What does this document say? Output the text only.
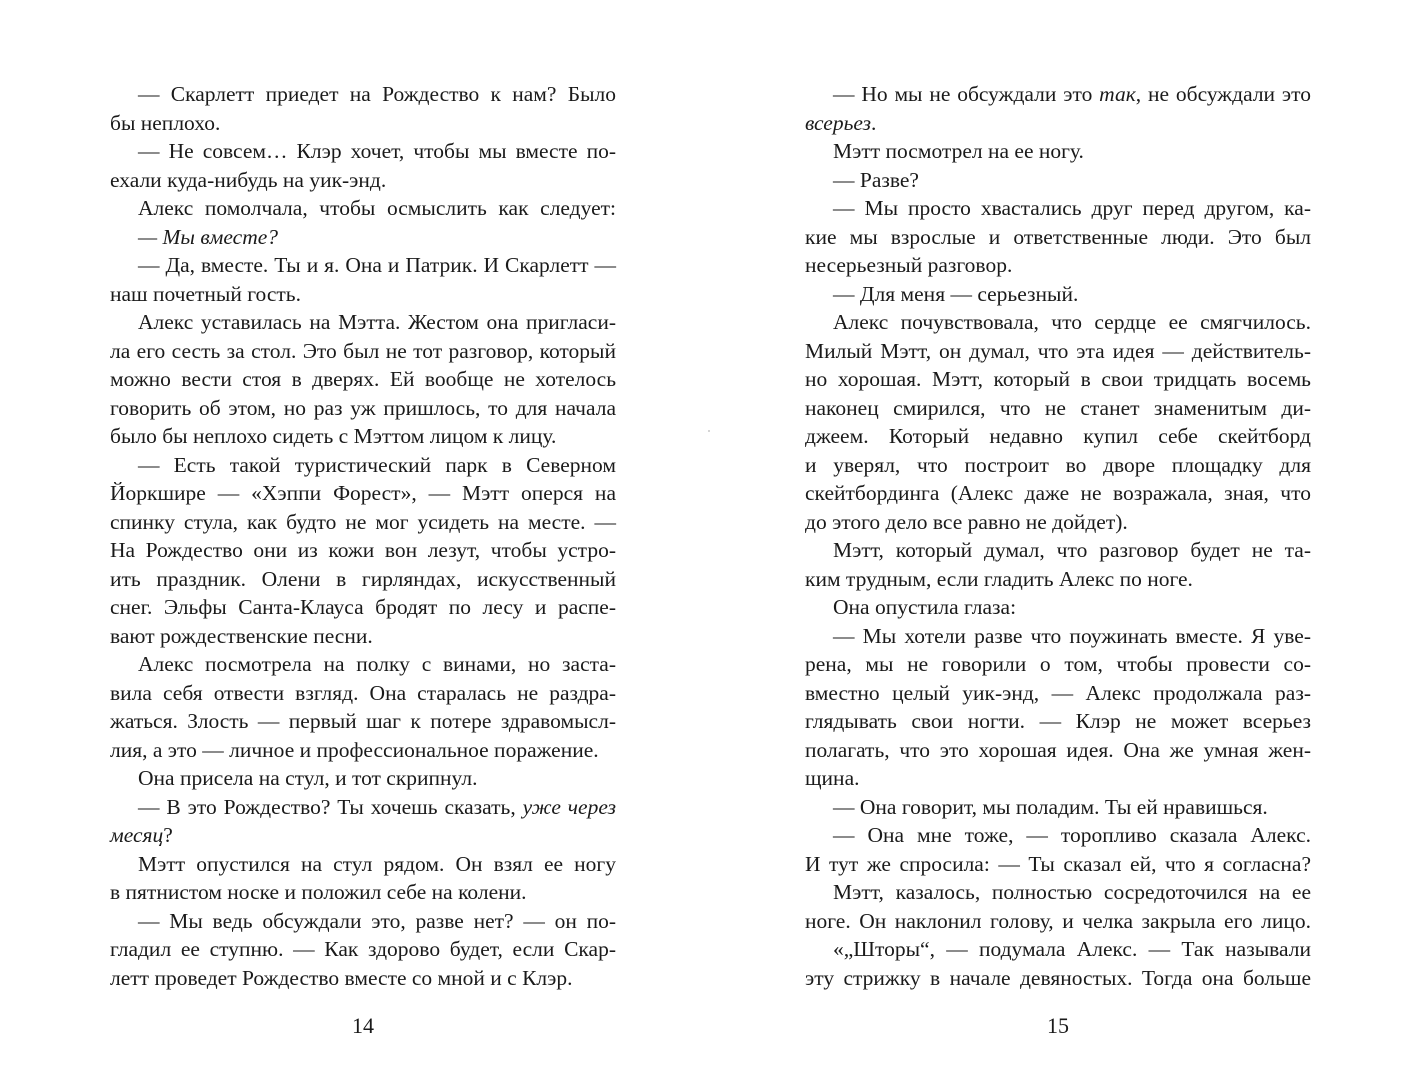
— Скарлетт приедет на Рождество к нам? Было
бы неплохо.
— Не совсем… Клэр хочет, чтобы мы вместе по-
ехали куда-нибудь на уик-энд.
Алекс помолчала, чтобы осмыслить как следует:
— Мы вместе?
— Да, вместе. Ты и я. Она и Патрик. И Скарлетт —
наш почетный гость.
Алекс уставилась на Мэтта. Жестом она пригласи-
ла его сесть за стол. Это был не тот разговор, который
можно вести стоя в дверях. Ей вообще не хотелось
говорить об этом, но раз уж пришлось, то для начала
было бы неплохо сидеть с Мэттом лицом к лицу.
— Есть такой туристический парк в Северном
Йоркшире — «Хэппи Форест», — Мэтт оперся на
спинку стула, как будто не мог усидеть на месте. —
На Рождество они из кожи вон лезут, чтобы устро-
ить праздник. Олени в гирляндах, искусственный
снег. Эльфы Санта-Клауса бродят по лесу и распе-
вают рождественские песни.
Алекс посмотрела на полку с винами, но заста-
вила себя отвести взгляд. Она старалась не раздра-
жаться. Злость — первый шаг к потере здравомысл-
лия, а это — личное и профессиональное поражение.
Она присела на стул, и тот скрипнул.
— В это Рождество? Ты хочешь сказать, уже через
месяц?
Мэтт опустился на стул рядом. Он взял ее ногу
в пятнистом носке и положил себе на колени.
— Мы ведь обсуждали это, разве нет? — он по-
гладил ее ступню. — Как здорово будет, если Скар-
летт проведет Рождество вместе со мной и с Клэр.
— Но мы не обсуждали это так, не обсуждали это
всерьез.
Мэтт посмотрел на ее ногу.
— Разве?
— Мы просто хвастались друг перед другом, ка-
кие мы взрослые и ответственные люди. Это был
несерьезный разговор.
— Для меня — серьезный.
Алекс почувствовала, что сердце ее смягчилось.
Милый Мэтт, он думал, что эта идея — действитель-
но хорошая. Мэтт, который в свои тридцать восемь
наконец смирился, что не станет знаменитым ди-
джеем. Который недавно купил себе скейтборд
и уверял, что построит во дворе площадку для
скейтбординга (Алекс даже не возражала, зная, что
до этого дело все равно не дойдет).
Мэтт, который думал, что разговор будет не та-
ким трудным, если гладить Алекс по ноге.
Она опустила глаза:
— Мы хотели разве что поужинать вместе. Я уве-
рена, мы не говорили о том, чтобы провести со-
вместно целый уик-энд, — Алекс продолжала раз-
глядывать свои ногти. — Клэр не может всерьез
полагать, что это хорошая идея. Она же умная жен-
щина.
— Она говорит, мы поладим. Ты ей нравишься.
— Она мне тоже, — торопливо сказала Алекс.
И тут же спросила: — Ты сказал ей, что я согласна?
Мэтт, казалось, полностью сосредоточился на ее
ноге. Он наклонил голову, и челка закрыла его лицо.
«„Шторы“, — подумала Алекс. — Так называли
эту стрижку в начале девяностых. Тогда она больше
14	15
